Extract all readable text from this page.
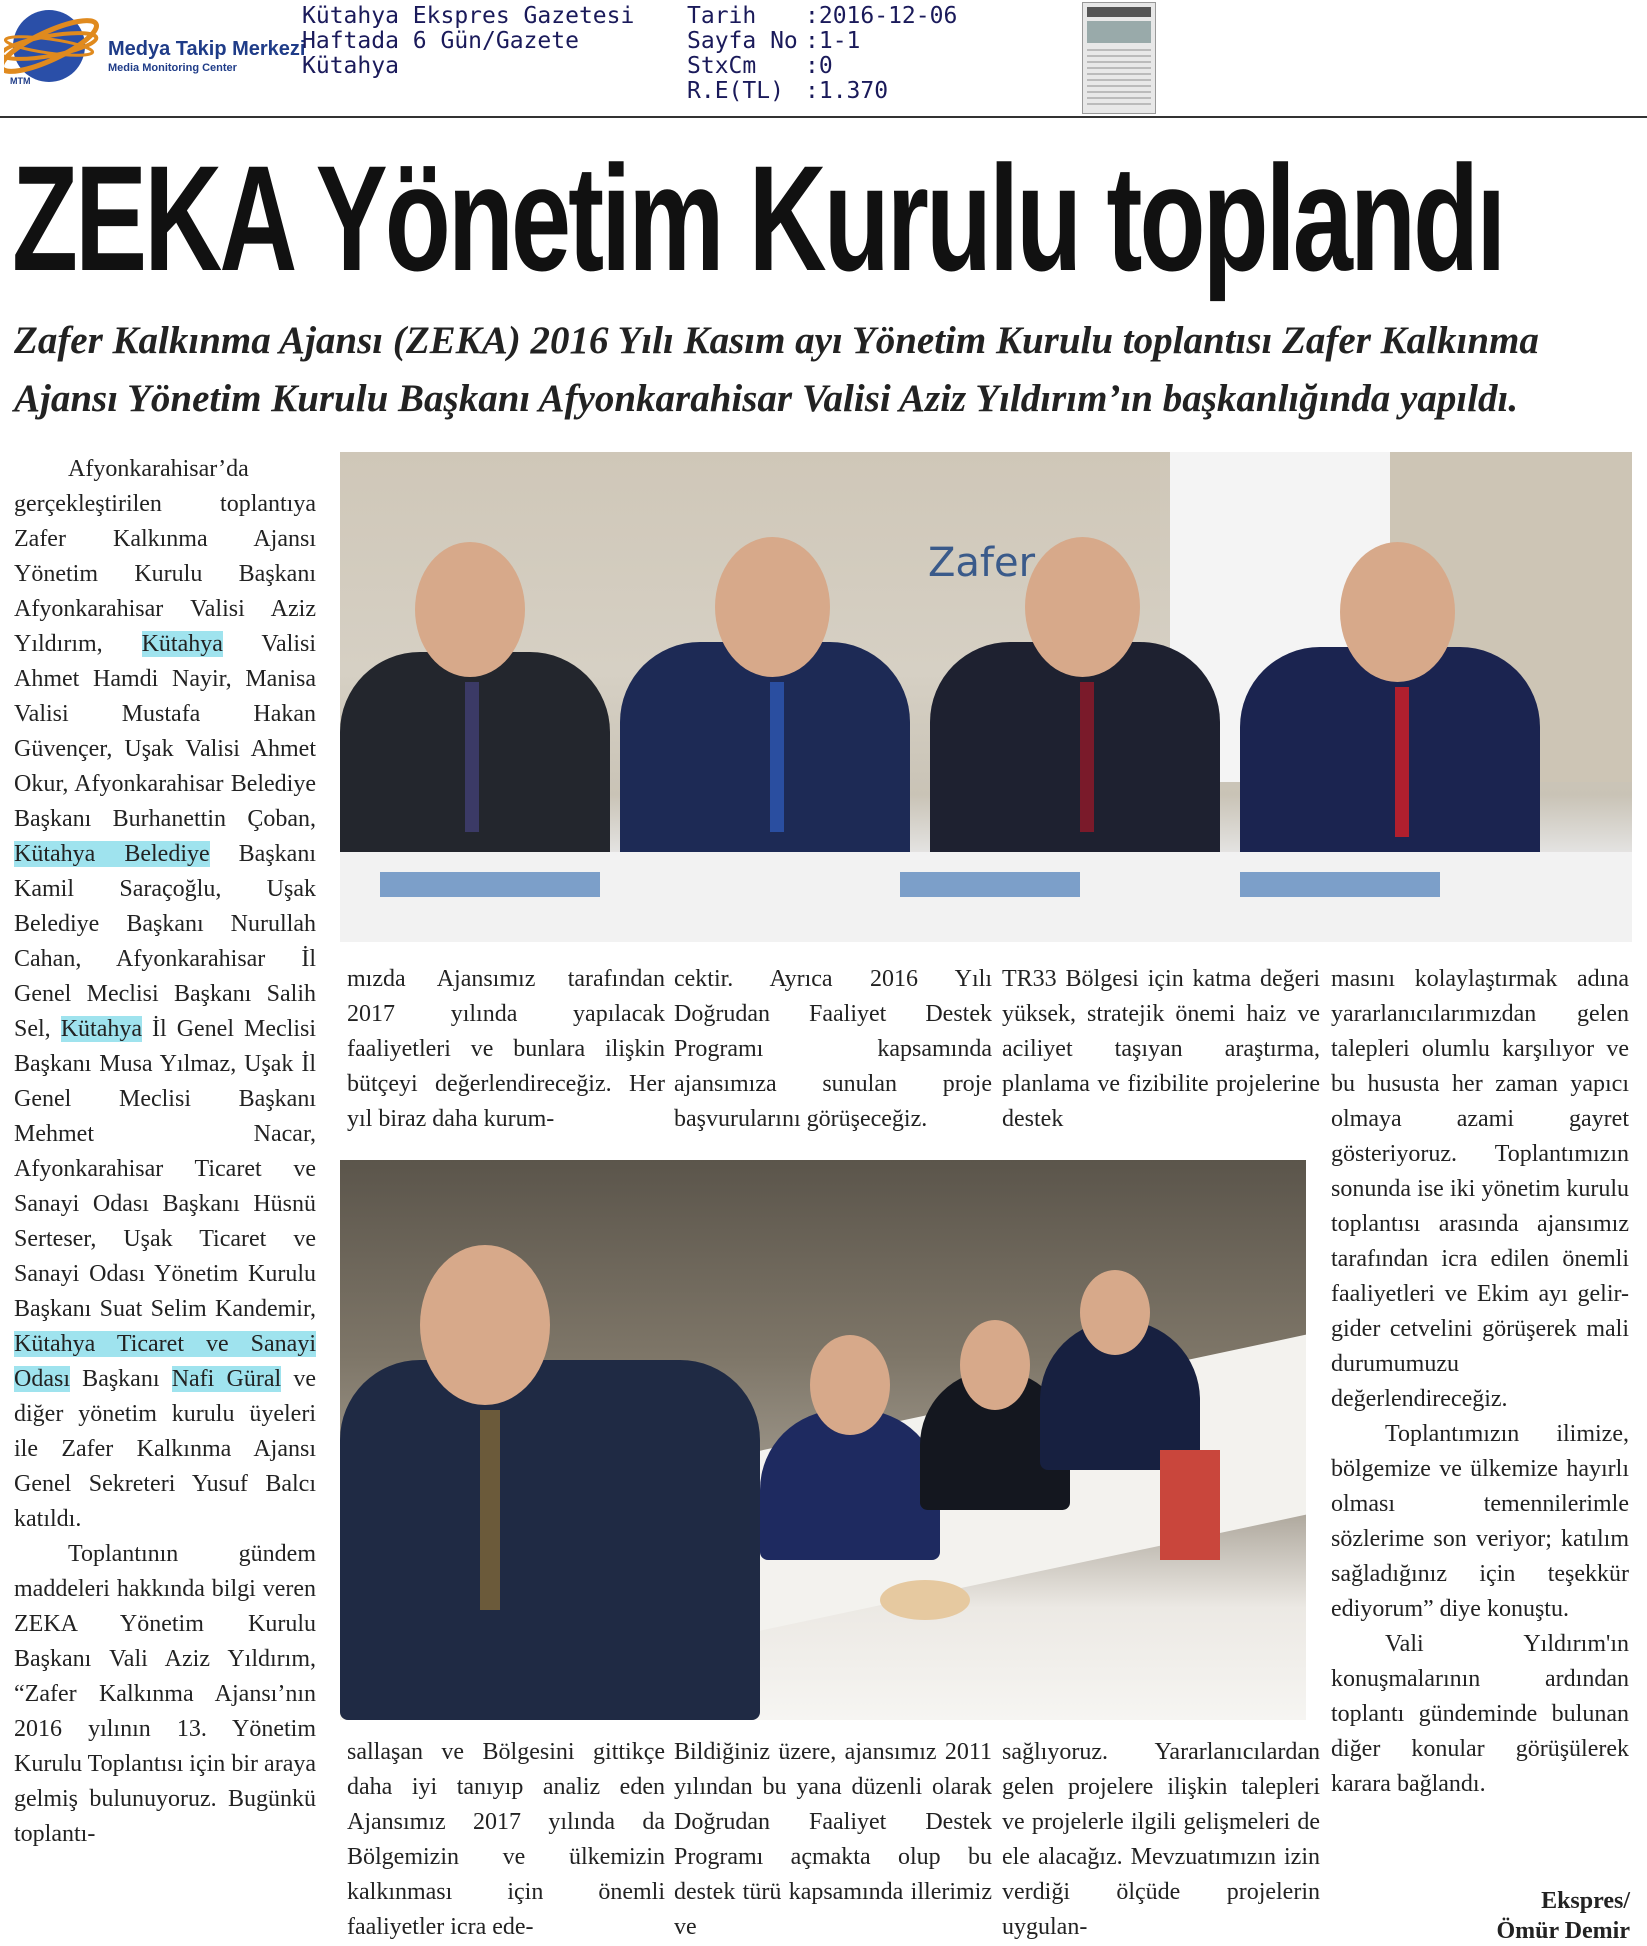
Medya Takip Merkezi
Media Monitoring Center
MTM
Kütahya Ekspres Gazetesi
Haftada 6 Gün/Gazete
Kütahya
Tarih	:2016-12-06
Sayfa No :1-1
StxCm	:0
R.E(TL) :1.370
ZEKA Yönetim Kurulu toplandı
Zafer Kalkınma Ajansı (ZEKA) 2016 Yılı Kasım ayı Yönetim Kurulu toplantısı Zafer Kalkınma Ajansı Yönetim Kurulu Başkanı Afyonkarahisar Valisi Aziz Yıldırım’ın başkanlığında yapıldı.
Zafer

Afyonkarahisar’da gerçekleştirilen toplantıya Zafer Kalkınma Ajansı Yönetim Kurulu Başkanı Afyonkarahisar Valisi Aziz Yıldırım, Kütahya Valisi Ahmet Hamdi Nayir, Manisa Valisi Mustafa Hakan Güvençer, Uşak Valisi Ahmet Okur, Afyonkarahisar Belediye Başkanı Burhanettin Çoban, Kütahya Belediye Başkanı Kamil Saraçoğlu, Uşak Belediye Başkanı Nurullah Cahan, Afyonkarahisar İl Genel Meclisi Başkanı Salih Sel, Kütahya İl Genel Meclisi Başkanı Musa Yılmaz, Uşak İl Genel Meclisi Başkanı Mehmet Nacar, Afyonkarahisar Ticaret ve Sanayi Odası Başkanı Hüsnü Serteser, Uşak Ticaret ve Sanayi Odası Yönetim Kurulu Başkanı Suat Selim Kandemir, Kütahya Ticaret ve Sanayi Odası Başkanı Nafi Güral ve diğer yönetim kurulu üyeleri ile Zafer Kalkınma Ajansı Genel Sekreteri Yusuf Balcı katıldı.

Toplantının gündem maddeleri hakkında bilgi veren ZEKA Yönetim Kurulu Başkanı Vali Aziz Yıldırım, “Zafer Kalkınma Ajansı’nın 2016 yılının 13. Yönetim Kurulu Toplantısı için bir araya gelmiş bulunuyoruz. Bugünkü toplantı-

mızda Ajansımız tarafından 2017 yılında yapılacak faaliyetleri ve bunlara ilişkin bütçeyi değerlendireceğiz. Her yıl biraz daha kurum-

cektir. Ayrıca 2016 Yılı Doğrudan Faaliyet Destek Programı kapsamında ajansımıza sunulan proje başvurularını görüşeceğiz.

TR33 Bölgesi için katma değeri yüksek, stratejik önemi haiz ve aciliyet taşıyan araştırma, planlama ve fizibilite projelerine destek

sallaşan ve Bölgesini gittikçe daha iyi tanıyıp analiz eden Ajansımız 2017 yılında da Bölgemizin ve ülkemizin kalkınması için önemli faaliyetler icra ede-

Bildiğiniz üzere, ajansımız 2011 yılından bu yana düzenli olarak Doğrudan Faaliyet Destek Programı açmakta olup bu destek türü kapsamında illerimiz ve

sağlıyoruz. Yararlanıcılardan gelen projelere ilişkin talepleri ve projelerle ilgili gelişmeleri de ele alacağız. Mevzuatımızın izin verdiği ölçüde projelerin uygulan-

masını kolaylaştırmak adına yararlanıcılarımızdan gelen talepleri olumlu karşılıyor ve bu hususta her zaman yapıcı olmaya azami gayret gösteriyoruz. Toplantımızın sonunda ise iki yönetim kurulu toplantısı arasında ajansımız tarafından icra edilen önemli faaliyetleri ve Ekim ayı gelir-gider cetvelini görüşerek mali durumumuzu değerlendireceğiz.

Toplantımızın ilimize, bölgemize ve ülkemize hayırlı olması temennilerimle sözlerime son veriyor; katılım sağladığınız için teşekkür ediyorum” diye konuştu.

Vali Yıldırım'ın konuşmalarının ardından toplantı gündeminde bulunan diğer konular görüşülerek karara bağlandı.

Ekspres/
Ömür Demir
